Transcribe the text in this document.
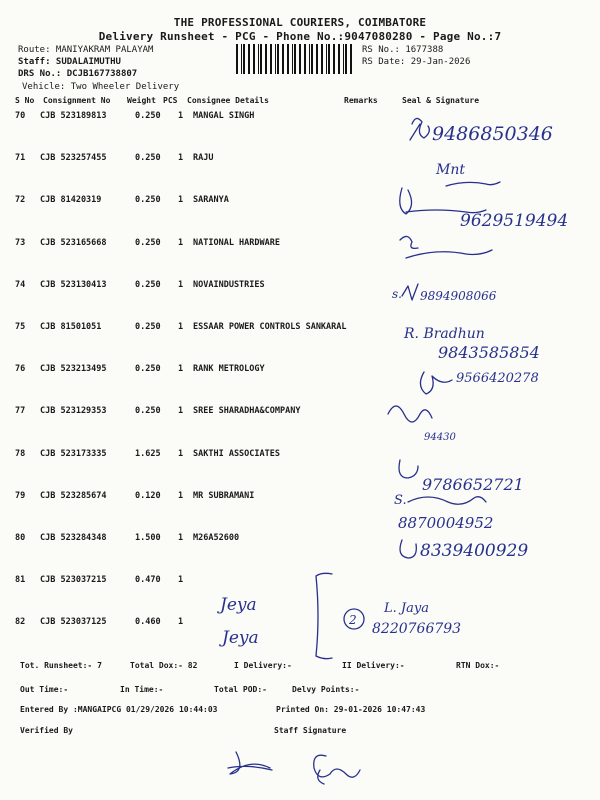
THE PROFESSIONAL COURIERS, COIMBATORE
Delivery Runsheet - PCG - Phone No.:9047080280 - Page No.:7
Route: MANIYAKRAM PALAYAM
Staff: SUDALAIMUTHU
DRS No.: DCJB167738807
Vehicle: Two Wheeler Delivery
RS No.: 1677388
RS Date: 29-Jan-2026
S No Consignment No Weight PCS Consignee Details	Remarks	Seal & Signature
70 CJB 523189813	0.250 1 MANGAL SINGH
71 CJB 523257455	0.250 1 RAJU
72 CJB 81420319	0.250 1 SARANYA
73 CJB 523165668	0.250 1 NATIONAL HARDWARE
74 CJB 523130413	0.250 1 NOVAINDUSTRIES
75 CJB 81501051	0.250 1 ESSAAR POWER CONTROLS SANKARAL
76 CJB 523213495	0.250 1 RANK METROLOGY
77 CJB 523129353	0.250 1 SREE SHARADHA&COMPANY
78 CJB 523173335	1.625 1 SAKTHI ASSOCIATES
79 CJB 523285674	0.120 1 MR SUBRAMANI
80 CJB 523284348	1.500 1 M26A52600
81 CJB 523037215	0.470 1
82 CJB 523037125	0.460 1
9486850346
Mnt
9629519494
s. 9894908066
R. Bradhun
9843585854
9566420278
94430
9786652721
S.
8870004952
8339400929
Jeya
Jeya
2
L. Jaya
8220766793
Tot. Runsheet:- 7	Total Dox:- 82	I Delivery:-	II Delivery:-	RTN Dox:-
Out Time:-	In Time:-	Total POD:-	Delvy Points:-
Entered By :MANGAIPCG 01/29/2026 10:44:03	Printed On: 29-01-2026 10:47:43
Verified By	Staff Signature
